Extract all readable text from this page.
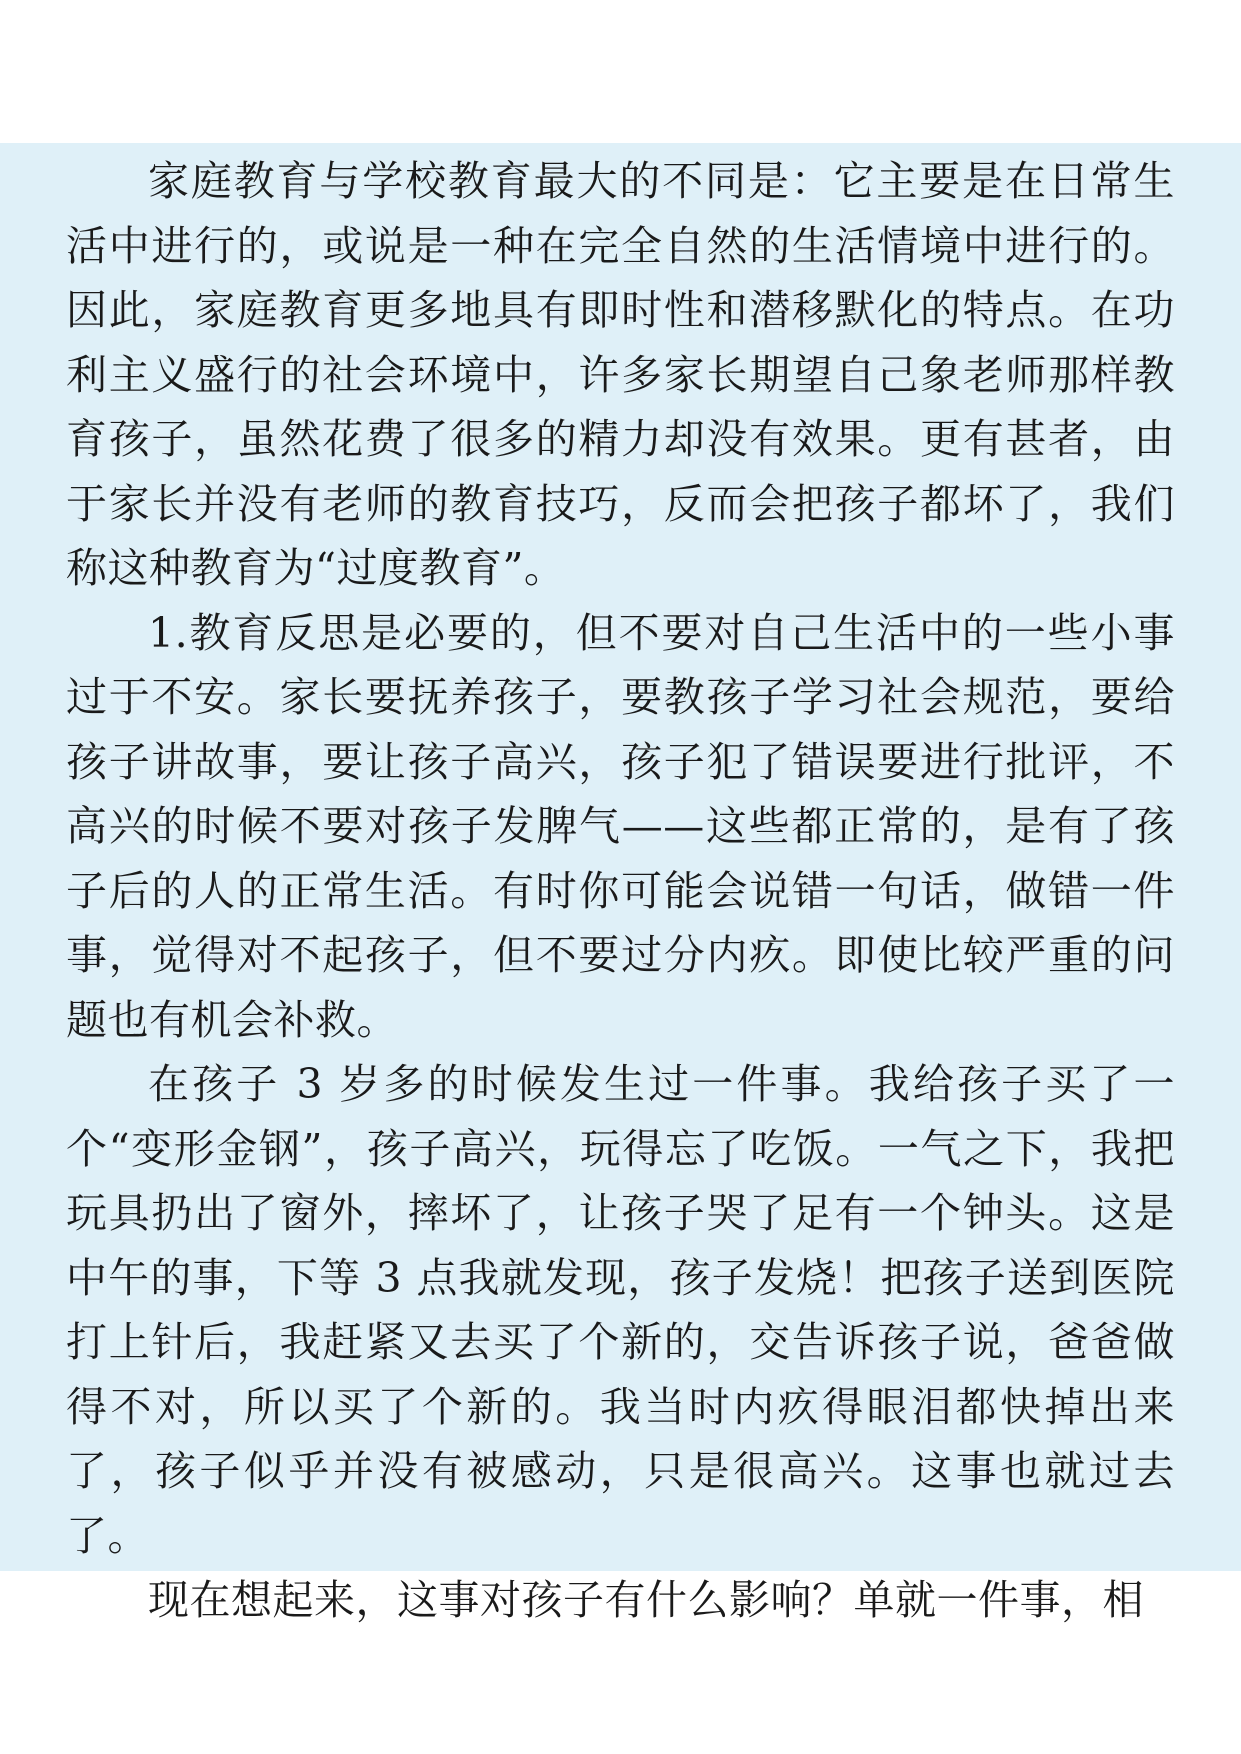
家庭教育与学校教育最大的不同是：它主要是在日常生活中进行的，或说是一种在完全自然的生活情境中进行的。因此，家庭教育更多地具有即时性和潜移默化的特点。在功利主义盛行的社会环境中，许多家长期望自己象老师那样教育孩子，虽然花费了很多的精力却没有效果。更有甚者，由于家长并没有老师的教育技巧，反而会把孩子都坏了，我们称这种教育为“过度教育”。

1.教育反思是必要的，但不要对自己生活中的一些小事过于不安。家长要抚养孩子，要教孩子学习社会规范，要给孩子讲故事，要让孩子高兴，孩子犯了错误要进行批评，不高兴的时候不要对孩子发脾气——这些都正常的，是有了孩子后的人的正常生活。有时你可能会说错一句话，做错一件事，觉得对不起孩子，但不要过分内疚。即使比较严重的问题也有机会补救。

在孩子 3 岁多的时候发生过一件事。我给孩子买了一个“变形金钢”，孩子高兴，玩得忘了吃饭。一气之下，我把玩具扔出了窗外，摔坏了，让孩子哭了足有一个钟头。这是中午的事，下等 3 点我就发现，孩子发烧！把孩子送到医院打上针后，我赶紧又去买了个新的，交告诉孩子说，爸爸做得不对，所以买了个新的。我当时内疚得眼泪都快掉出来了，孩子似乎并没有被感动，只是很高兴。这事也就过去了。

现在想起来，这事对孩子有什么影响？单就一件事，相
